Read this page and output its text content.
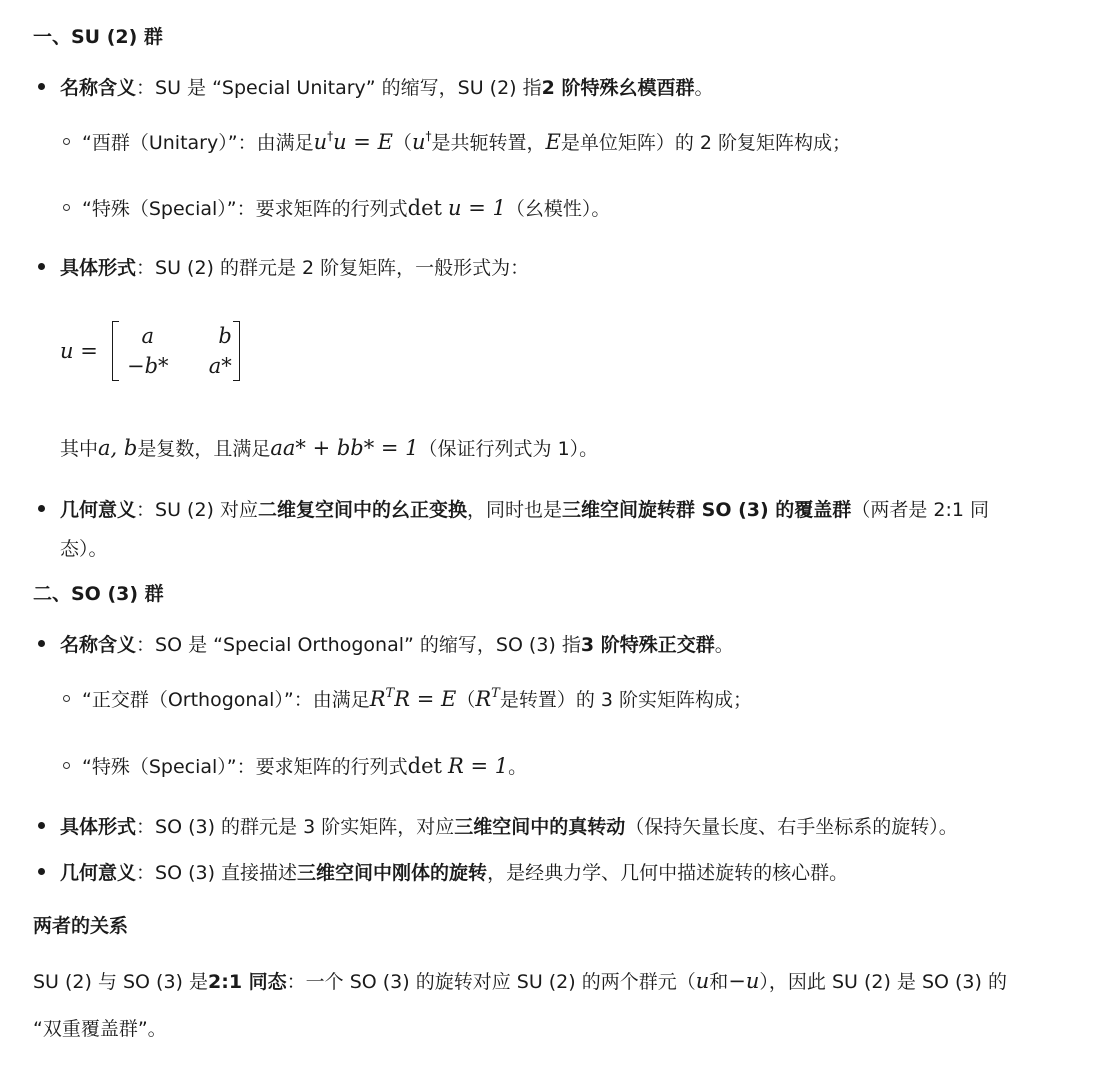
一、SU (2) 群
名称含义：SU 是 “Special Unitary” 的缩写，SU (2) 指2 阶特殊幺模酉群。
“酉群（Unitary）”：由满足u†u = E（u†是共轭转置，E是单位矩阵）的 2 阶复矩阵构成；
“特殊（Special）”：要求矩阵的行列式det u = 1（幺模性）。
具体形式：SU (2) 的群元是 2 阶复矩阵，一般形式为：
u =
a	b
−b*	a*
其中a, b是复数，且满足aa* + bb* = 1（保证行列式为 1）。
几何意义：SU (2) 对应二维复空间中的幺正变换，同时也是三维空间旋转群 SO (3) 的覆盖群（两者是 2:1 同
态）。
二、SO (3) 群
名称含义：SO 是 “Special Orthogonal” 的缩写，SO (3) 指3 阶特殊正交群。
“正交群（Orthogonal）”：由满足$R^TR = E(R^T$是转置）的 3 阶实矩阵构成；
“特殊（Special）”：要求矩阵的行列式det R = 1。
具体形式：SO (3) 的群元是 3 阶实矩阵，对应三维空间中的真转动（保持矢量长度、右手坐标系的旋转）。
几何意义：SO (3) 直接描述三维空间中刚体的旋转，是经典力学、几何中描述旋转的核心群。
两者的关系
SU (2) 与 SO (3) 是2:1 同态：一个 SO (3) 的旋转对应 SU (2) 的两个群元（u和−u），因此 SU (2) 是 SO (3) 的
“双重覆盖群”。
